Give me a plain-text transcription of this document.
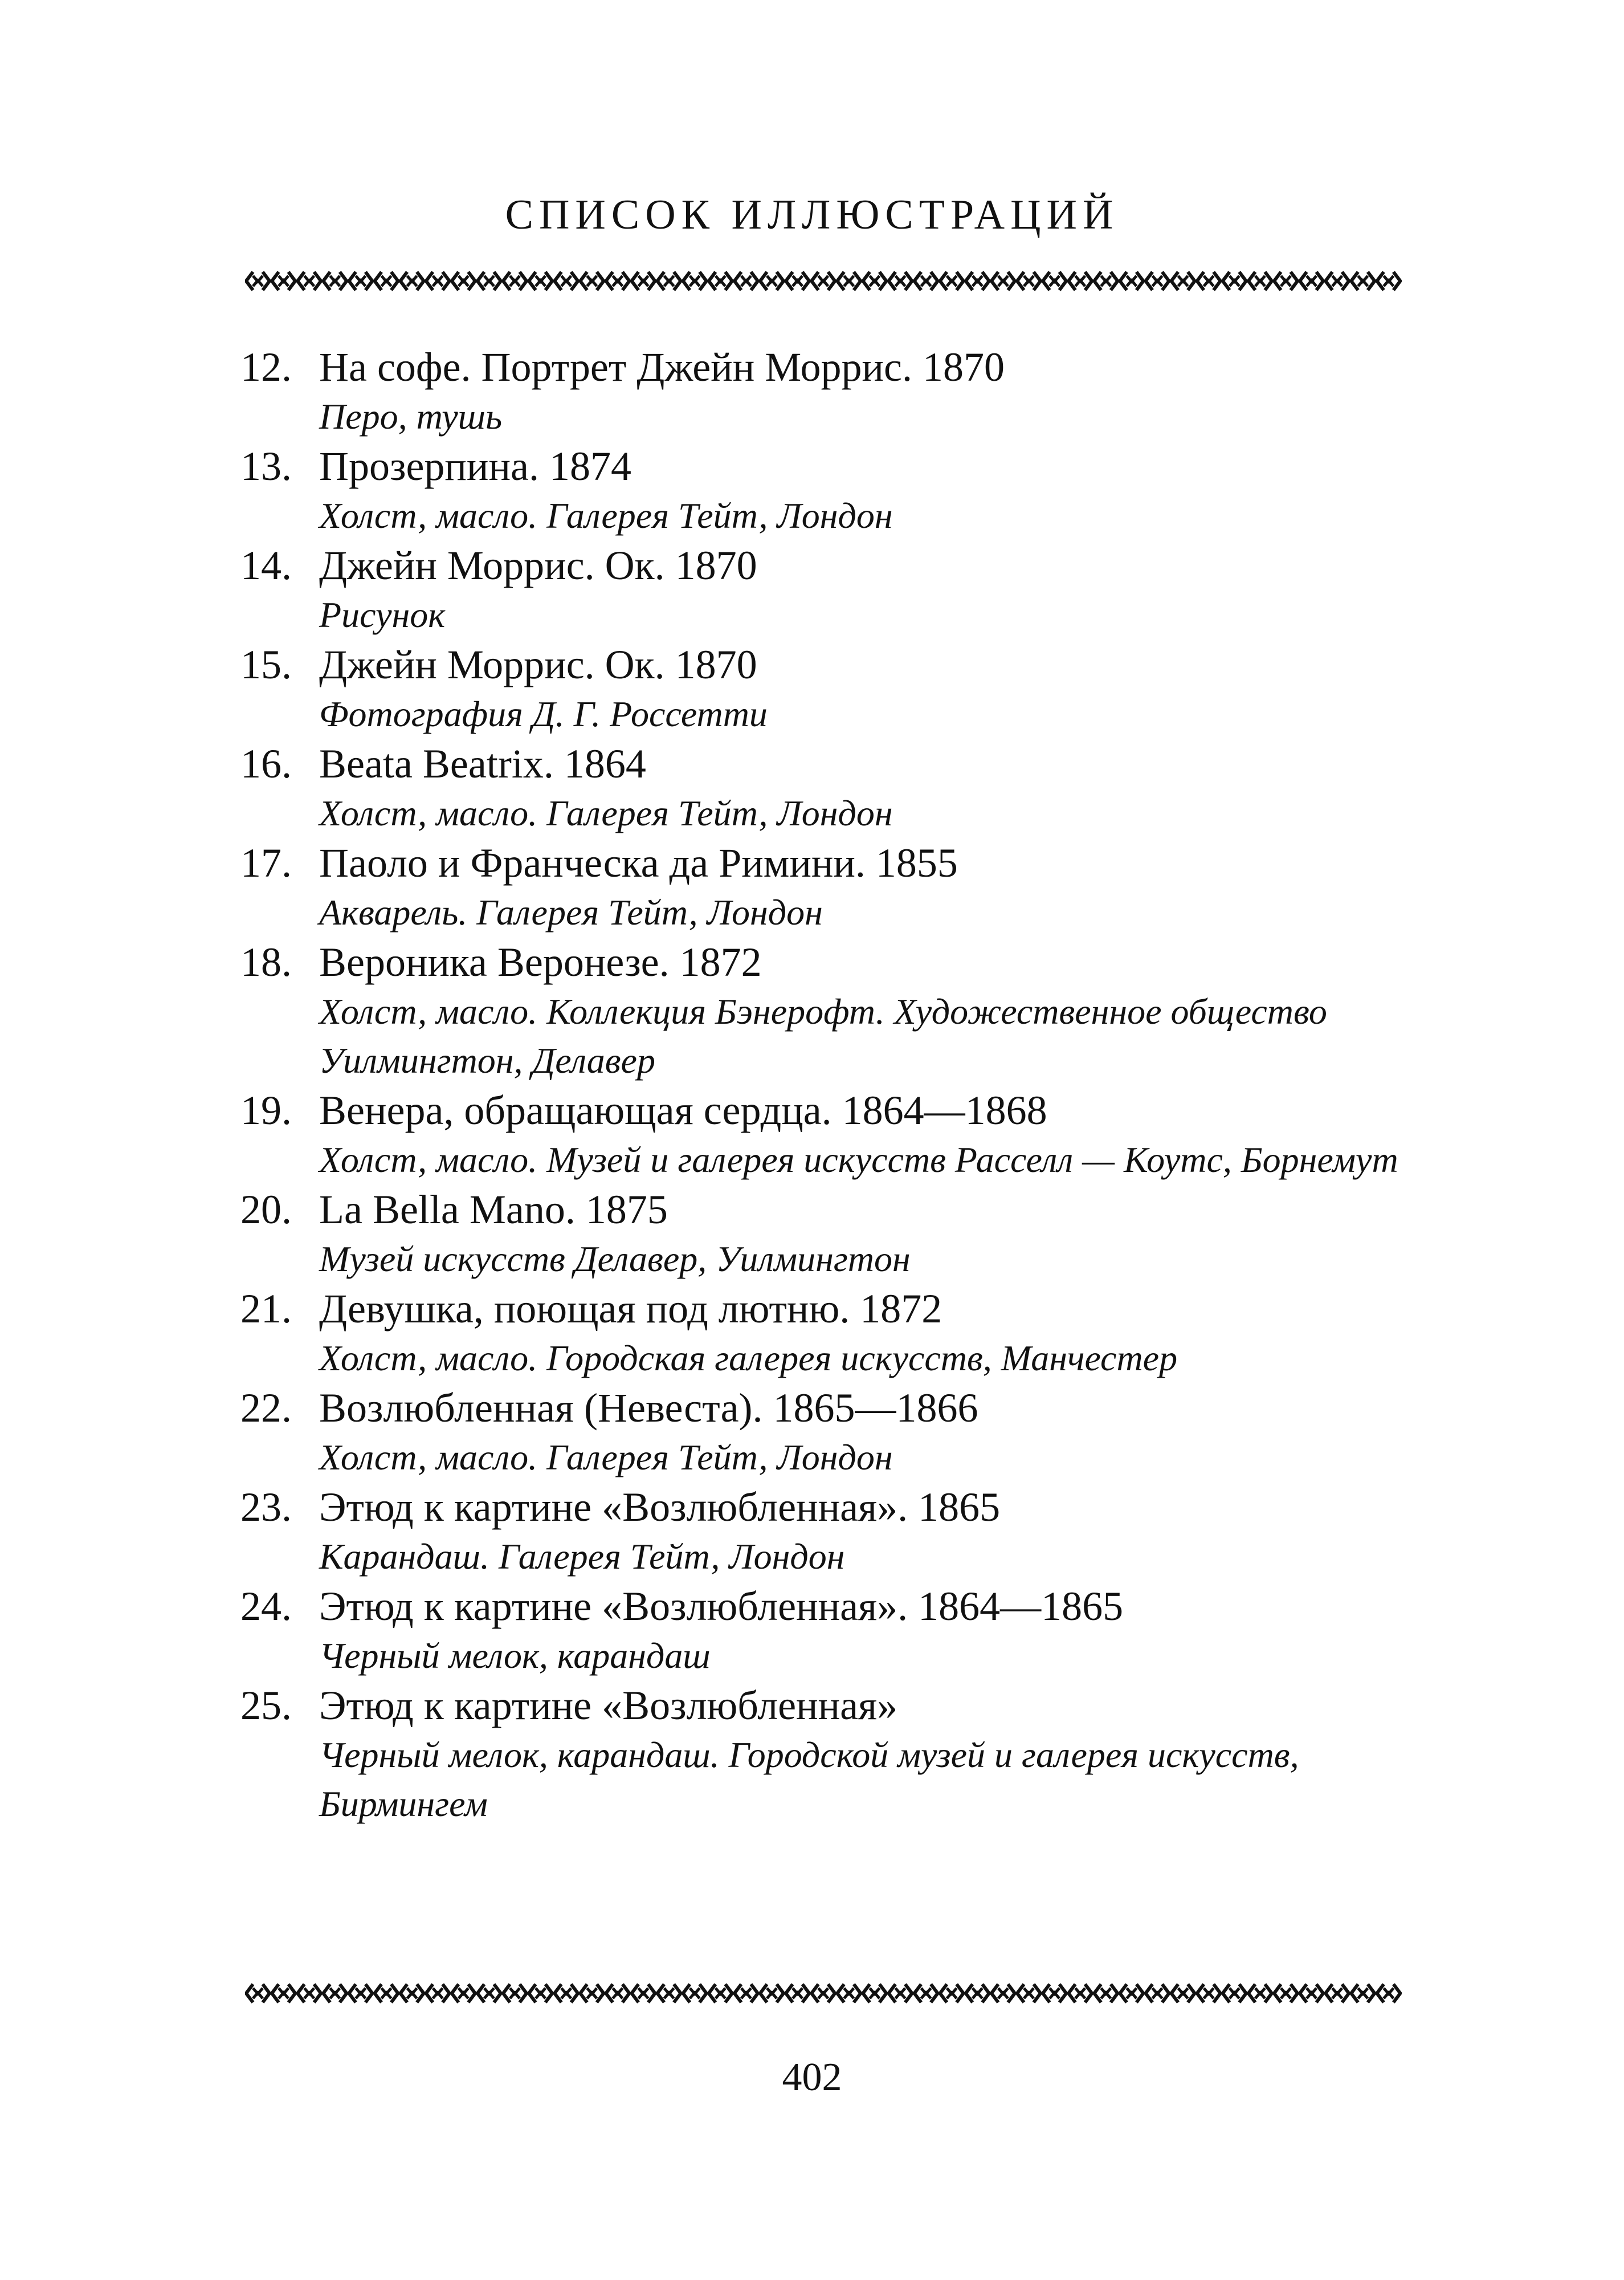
СПИСОК ИЛЛЮСТРАЦИЙ
12. На софе. Портрет Джейн Моррис. 1870
Перо, тушь
13. Прозерпина. 1874
Холст, масло. Галерея Тейт, Лондон
14. Джейн Моррис. Ок. 1870
Рисунок
15. Джейн Моррис. Ок. 1870
Фотография Д. Г. Россетти
16. Beata Beatrix. 1864
Холст, масло. Галерея Тейт, Лондон
17. Паоло и Франческа да Римини. 1855
Акварель. Галерея Тейт, Лондон
18. Вероника Веронезе. 1872
Холст, масло. Коллекция Бэнерофт. Художественное общество Уилмингтон, Делавер
19. Венера, обращающая сердца. 1864—1868
Холст, масло. Музей и галерея искусств Расселл — Коутс, Борнемут
20. La Bella Mano. 1875
Музей искусств Делавер, Уилмингтон
21. Девушка, поющая под лютню. 1872
Холст, масло. Городская галерея искусств, Манчестер
22. Возлюбленная (Невеста). 1865—1866
Холст, масло. Галерея Тейт, Лондон
23. Этюд к картине «Возлюбленная». 1865
Карандаш. Галерея Тейт, Лондон
24. Этюд к картине «Возлюбленная». 1864—1865
Черный мелок, карандаш
25. Этюд к картине «Возлюбленная»
Черный мелок, карандаш. Городской музей и галерея искусств, Бирмингем
402
